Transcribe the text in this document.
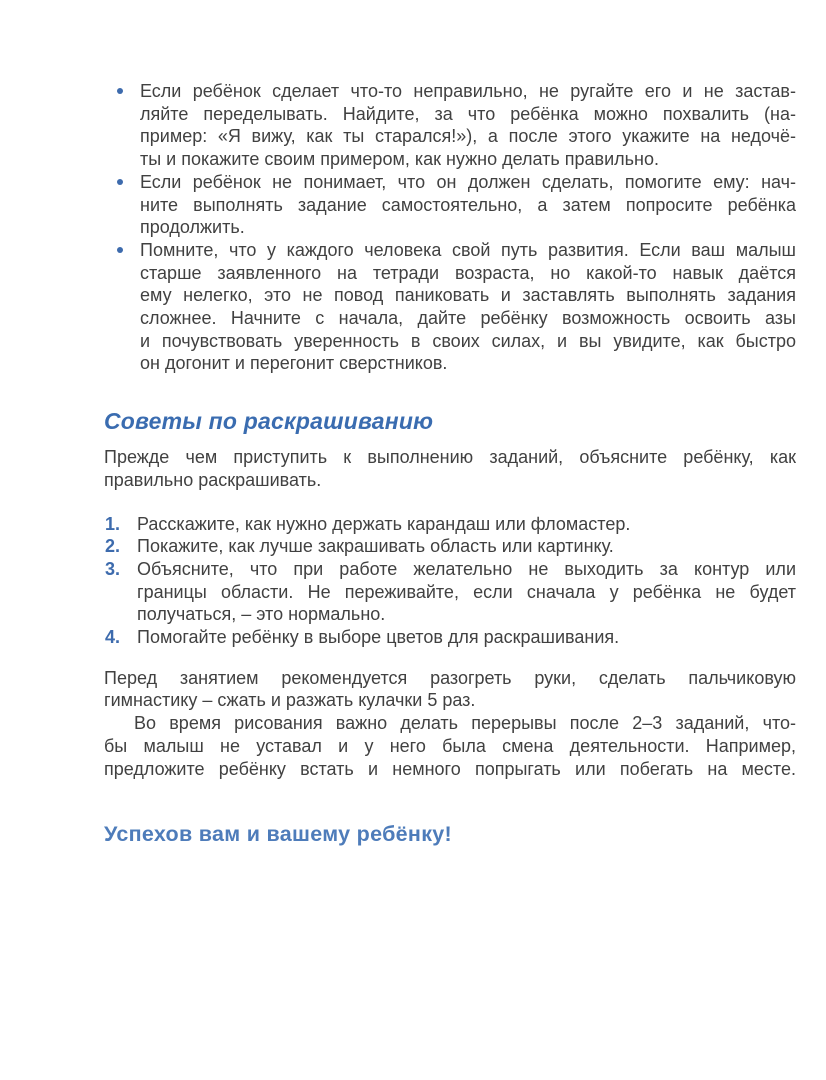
Если ребёнок сделает что-то неправильно, не ругайте его и не застав-
ляйте переделывать. Найдите, за что ребёнка можно похвалить (на-
пример: «Я вижу, как ты старался!»), а после этого укажите на недочё-
ты и покажите своим примером, как нужно делать правильно.
Если ребёнок не понимает, что он должен сделать, помогите ему: нач-
ните выполнять задание самостоятельно, а затем попросите ребёнка
продолжить.
Помните, что у каждого человека свой путь развития. Если ваш малыш
старше заявленного на тетради возраста, но какой-то навык даётся
ему нелегко, это не повод паниковать и заставлять выполнять задания
сложнее. Начните с начала, дайте ребёнку возможность освоить азы
и почувствовать уверенность в своих силах, и вы увидите, как быстро
он догонит и перегонит сверстников.
Советы по раскрашиванию
Прежде чем приступить к выполнению заданий, объясните ребёнку, как
правильно раскрашивать.
1. Расскажите, как нужно держать карандаш или фломастер.
2. Покажите, как лучше закрашивать область или картинку.
3. Объясните, что при работе желательно не выходить за контур или
границы области. Не переживайте, если сначала у ребёнка не будет
получаться, – это нормально.
4. Помогайте ребёнку в выборе цветов для раскрашивания.
Перед занятием рекомендуется разогреть руки, сделать пальчиковую
гимнастику – сжать и разжать кулачки 5 раз.
Во время рисования важно делать перерывы после 2–3 заданий, что-
бы малыш не уставал и у него была смена деятельности. Например,
предложите ребёнку встать и немного попрыгать или побегать на месте.
Успехов вам и вашему ребёнку!
